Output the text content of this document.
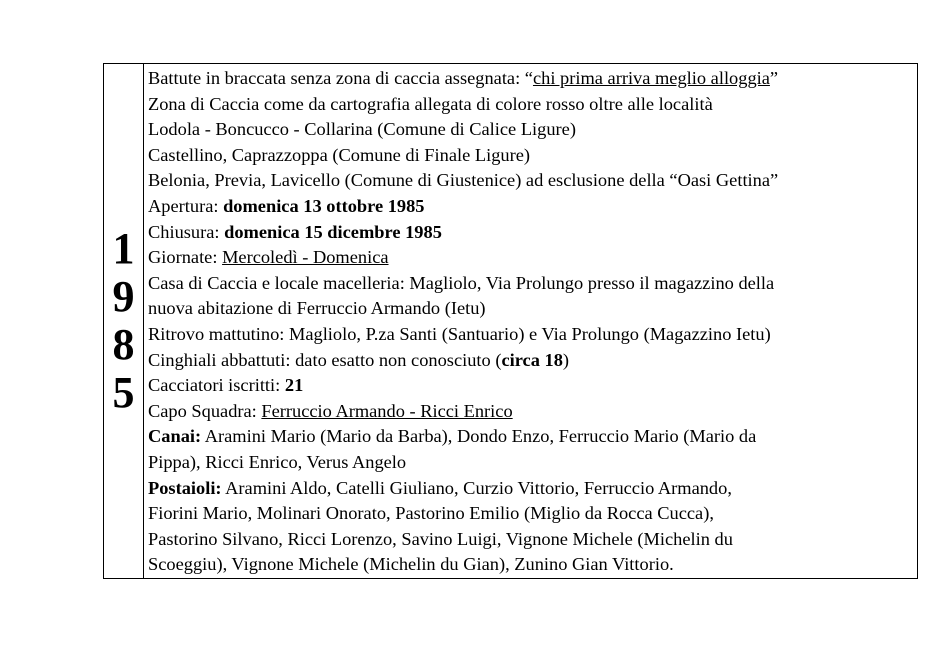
1
9
8
5

Battute in braccata senza zona di caccia assegnata: “chi prima arriva meglio alloggia”
Zona di Caccia come da cartografia allegata di colore rosso oltre alle località
Lodola - Boncucco - Collarina (Comune di Calice Ligure)
Castellino, Caprazzoppa (Comune di Finale Ligure)
Belonia, Previa, Lavicello (Comune di Giustenice) ad esclusione della “Oasi Gettina”
Apertura: domenica 13 ottobre 1985
Chiusura: domenica 15 dicembre 1985
Giornate: Mercoledì - Domenica
Casa di Caccia e locale macelleria: Magliolo, Via Prolungo presso il magazzino della
nuova abitazione di Ferruccio Armando (Ietu)
Ritrovo mattutino: Magliolo, P.za Santi (Santuario) e Via Prolungo (Magazzino Ietu)
Cinghiali abbattuti: dato esatto non conosciuto (circa 18)
Cacciatori iscritti: 21
Capo Squadra: Ferruccio Armando - Ricci Enrico
Canai: Aramini Mario (Mario da Barba), Dondo Enzo, Ferruccio Mario (Mario da
Pippa), Ricci Enrico, Verus Angelo
Postaioli: Aramini Aldo, Catelli Giuliano, Curzio Vittorio, Ferruccio Armando,
Fiorini Mario, Molinari Onorato, Pastorino Emilio (Miglio da Rocca Cucca),
Pastorino Silvano, Ricci Lorenzo, Savino Luigi, Vignone Michele (Michelin du
Scoeggiu), Vignone Michele (Michelin du Gian), Zunino Gian Vittorio.
